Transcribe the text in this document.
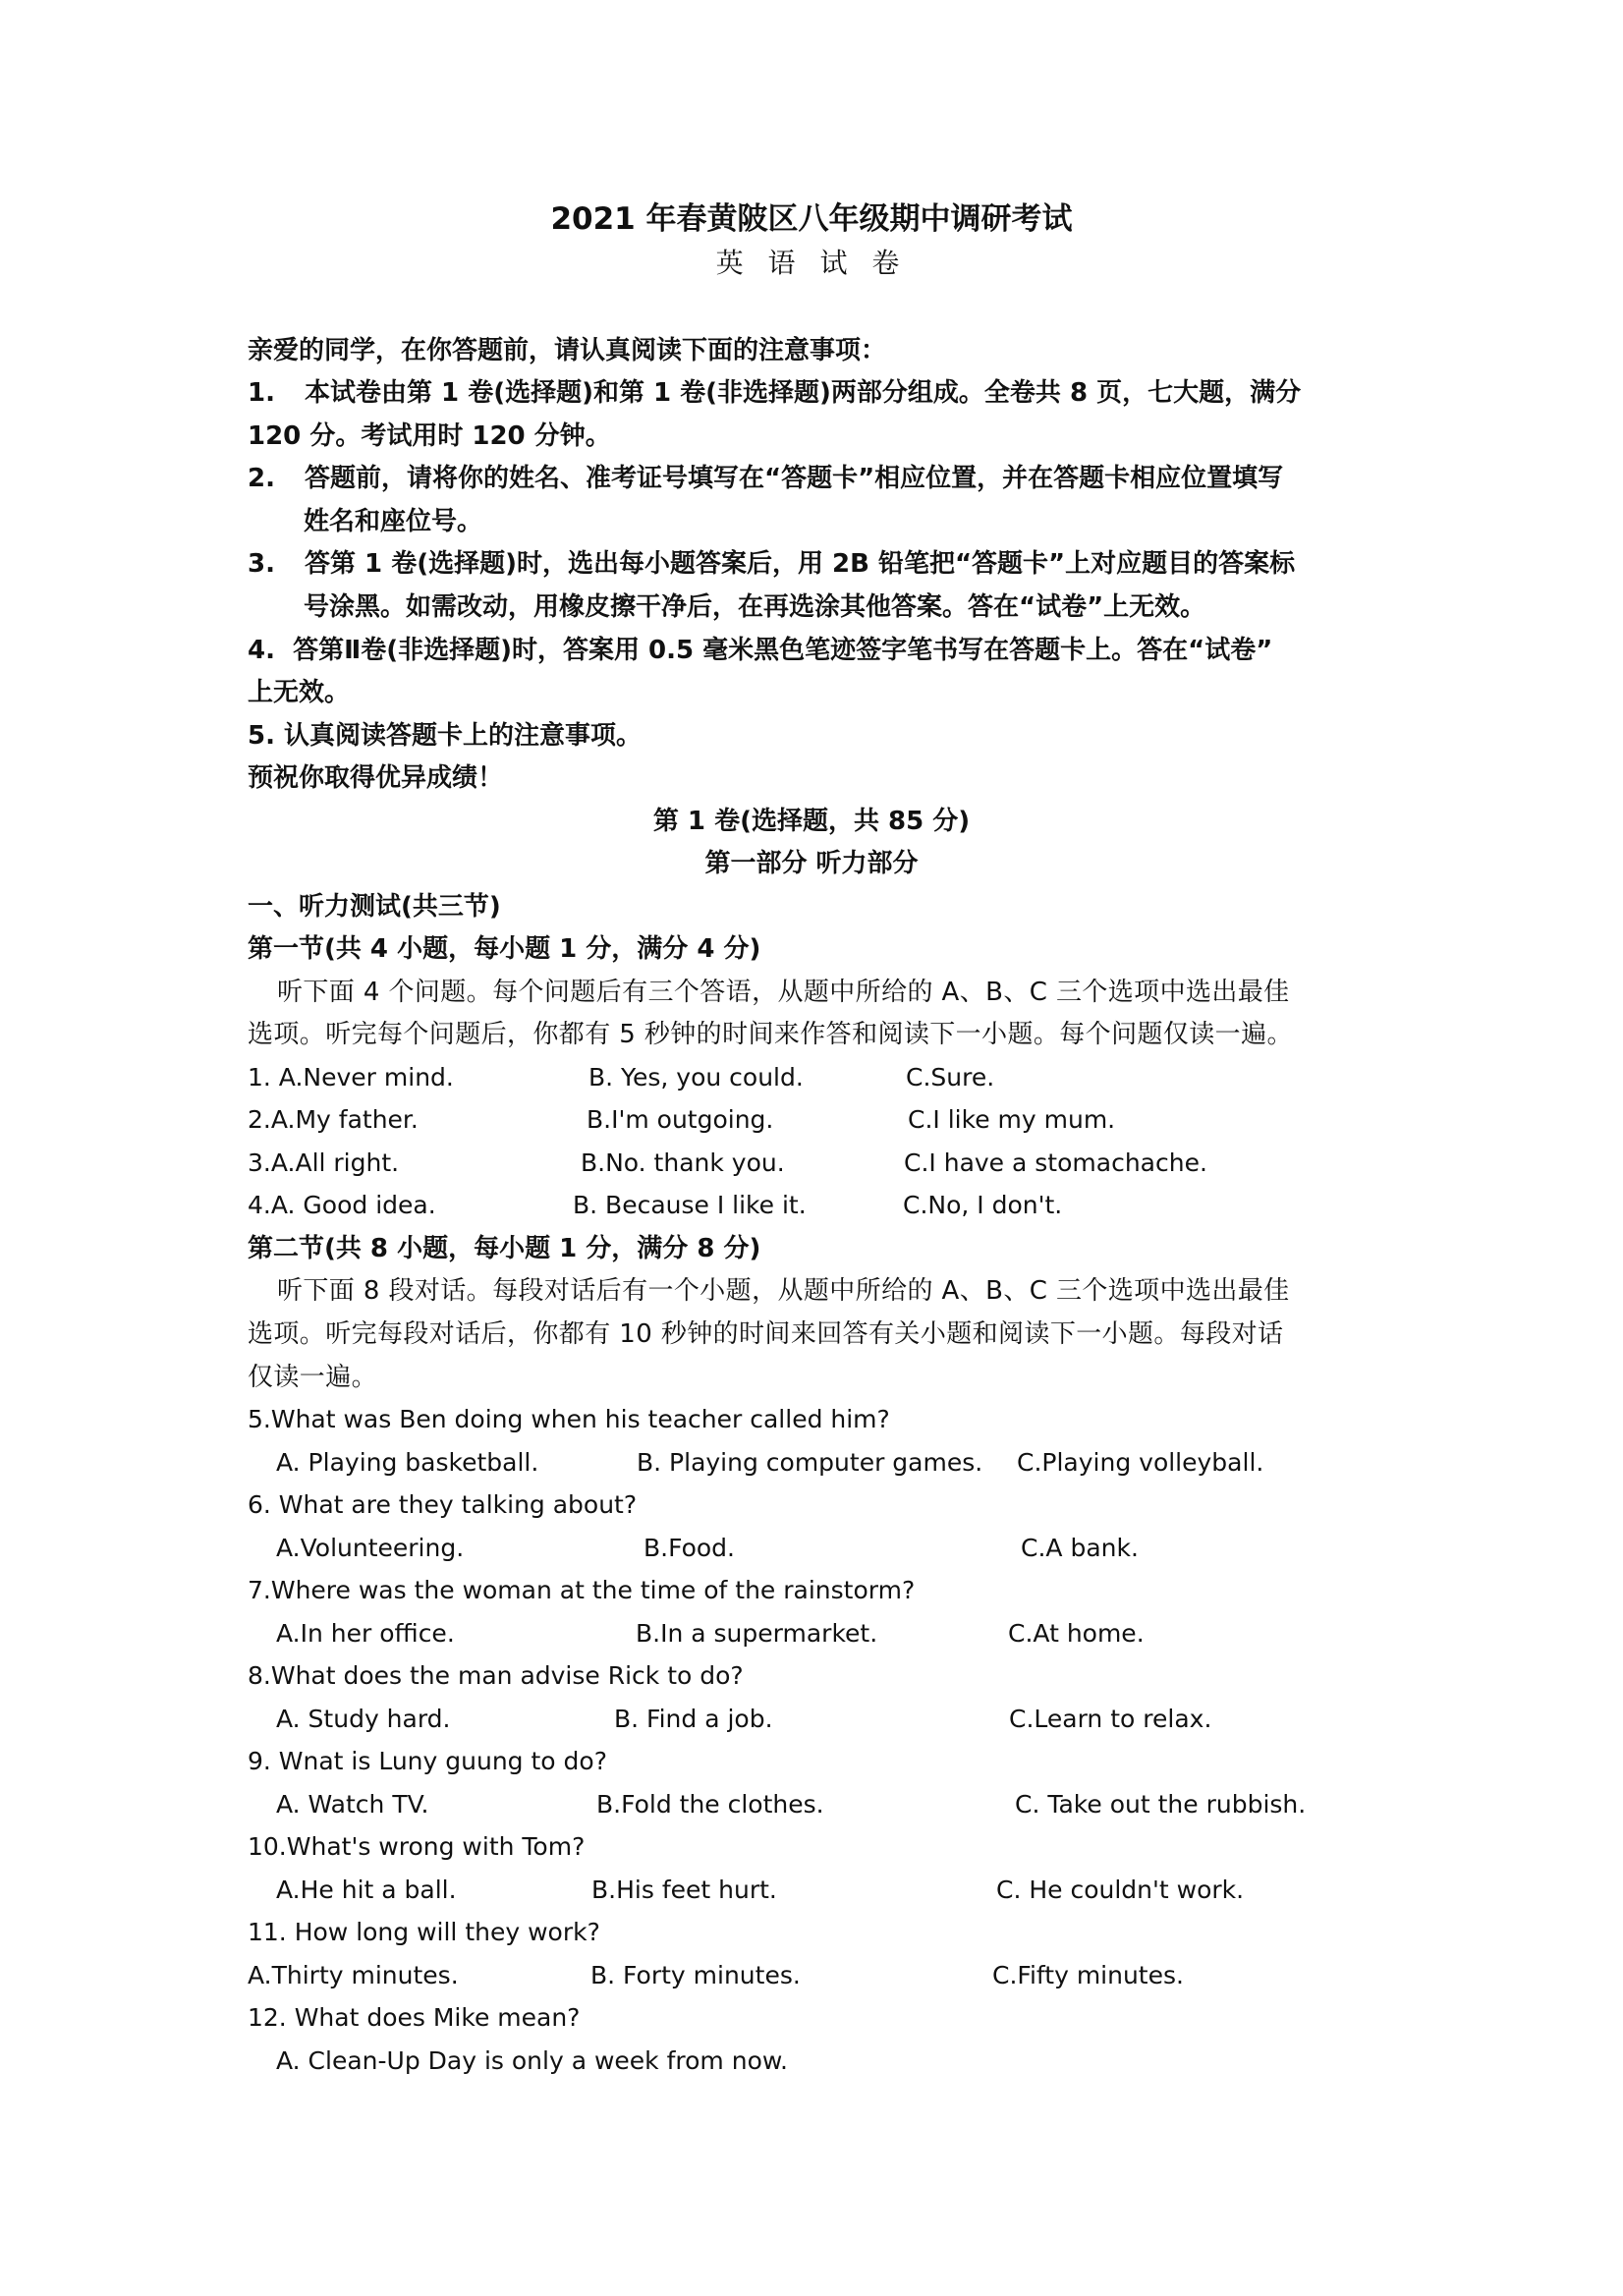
2021 年春黄陂区八年级期中调研考试
英 语 试 卷
亲爱的同学，在你答题前，请认真阅读下面的注意事项：
1. 本试卷由第 1 卷(选择题)和第 1 卷(非选择题)两部分组成。全卷共 8 页，七大题，满分
120 分。考试用时 120 分钟。
2. 答题前，请将你的姓名、准考证号填写在“答题卡”相应位置，并在答题卡相应位置填写
姓名和座位号。
3. 答第 1 卷(选择题)时，选出每小题答案后，用 2B 铅笔把“答题卡”上对应题目的答案标
号涂黑。如需改动，用橡皮擦干净后，在再选涂其他答案。答在“试卷”上无效。
4. 答第Ⅱ卷(非选择题)时，答案用 0.5 毫米黑色笔迹签字笔书写在答题卡上。答在“试卷”
上无效。
5. 认真阅读答题卡上的注意事项。
预祝你取得优异成绩！
第 1 卷(选择题，共 85 分)
第一部分 听力部分
一、听力测试(共三节)
第一节(共 4 小题，每小题 1 分，满分 4 分)
听下面 4 个问题。每个问题后有三个答语，从题中所给的 A、B、C 三个选项中选出最佳
选项。听完每个问题后，你都有 5 秒钟的时间来作答和阅读下一小题。每个问题仅读一遍。
1. A.Never mind.	B. Yes, you could.	C.Sure.
2.A.My father.	B.I'm outgoing.	C.I like my mum.
3.A.All right.	B.No. thank you.	C.I have a stomachache.
4.A. Good idea.	B. Because I like it.	C.No, I don't.
第二节(共 8 小题，每小题 1 分，满分 8 分)
听下面 8 段对话。每段对话后有一个小题，从题中所给的 A、B、C 三个选项中选出最佳
选项。听完每段对话后，你都有 10 秒钟的时间来回答有关小题和阅读下一小题。每段对话
仅读一遍。
5.What was Ben doing when his teacher called him?
A. Playing basketball.	B. Playing computer games. C.Playing volleyball.
6. What are they talking about?
A.Volunteering.	B.Food.	C.A bank.
7.Where was the woman at the time of the rainstorm?
A.In her office.	B.In a supermarket.	C.At home.
8.What does the man advise Rick to do?
A. Study hard.	B. Find a job.	C.Learn to relax.
9. Wnat is Luny guung to do?
A. Watch TV.	B.Fold the clothes.	C. Take out the rubbish.
10.What's wrong with Tom?
A.He hit a ball.	B.His feet hurt.	C. He couldn't work.
11. How long will they work?
A.Thirty minutes.	B. Forty minutes.	C.Fifty minutes.
12. What does Mike mean?
A. Clean-Up Day is only a week from now.
